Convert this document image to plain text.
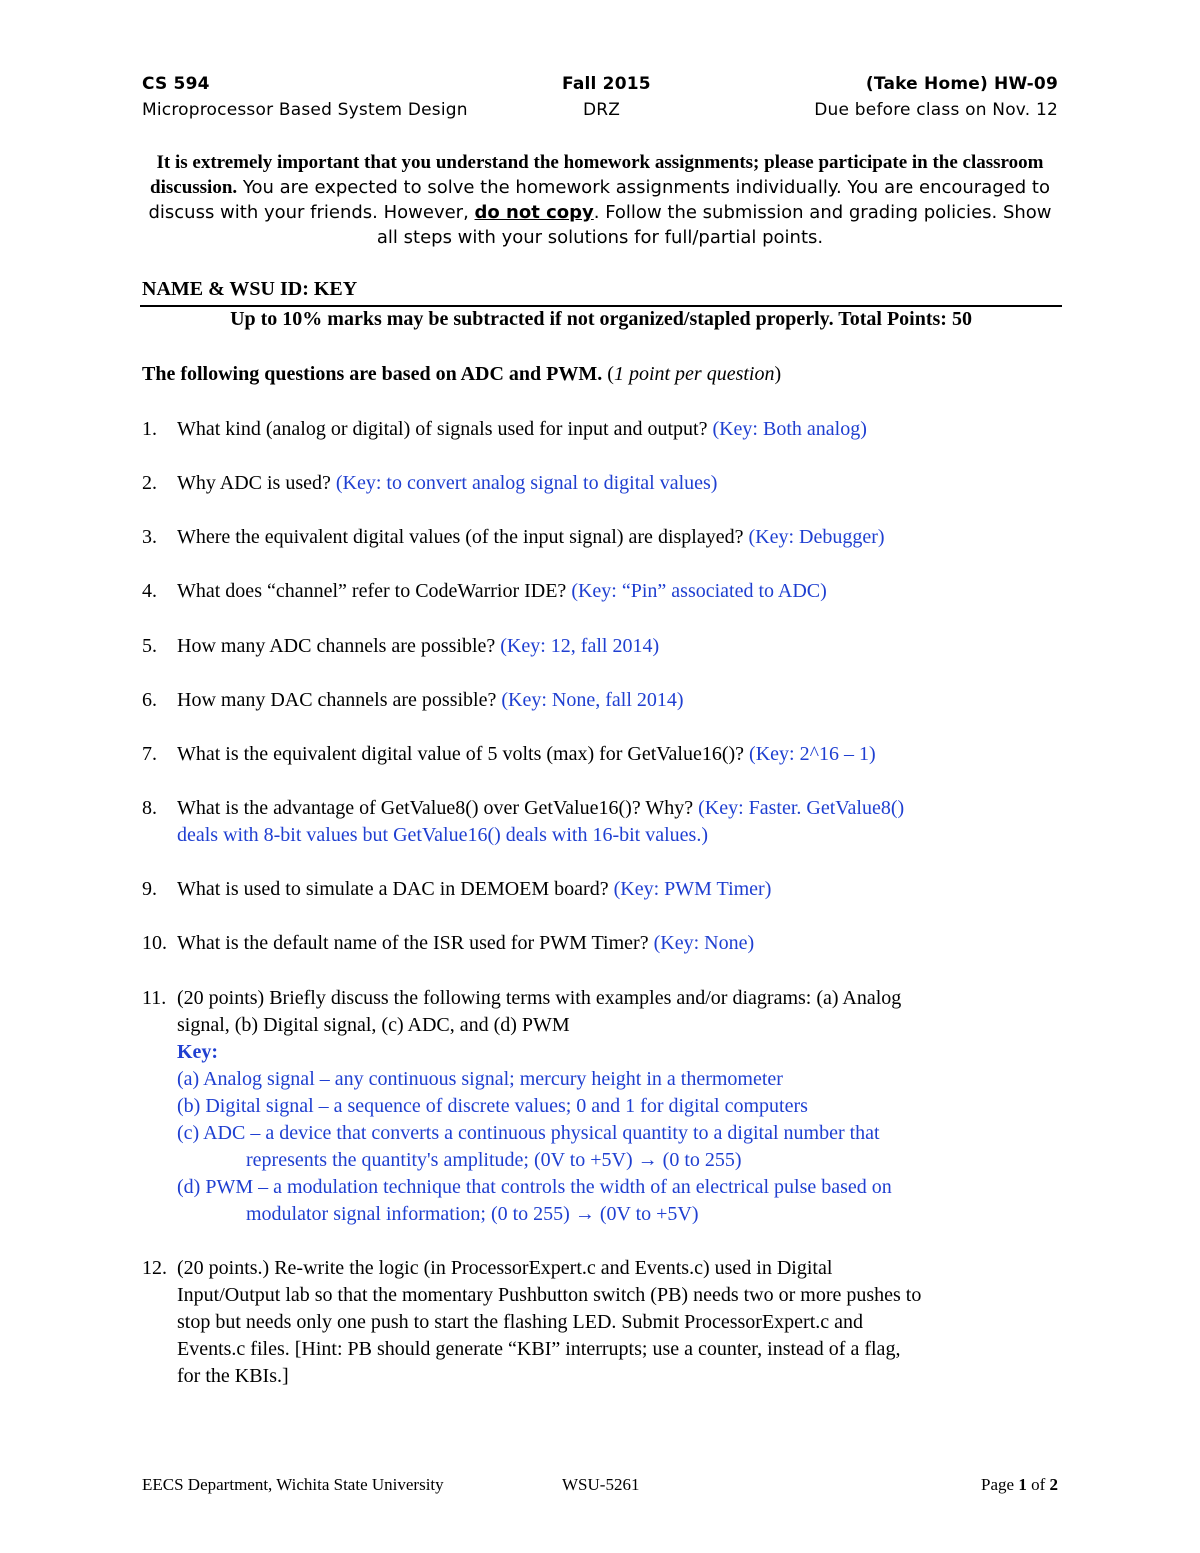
CS 594	Fall 2015	(Take Home) HW-09
Microprocessor Based System Design	DRZ	Due before class on Nov. 12
It is extremely important that you understand the homework assignments; please participate in the classroom discussion. You are expected to solve the homework assignments individually. You are encouraged to discuss with your friends. However, do not copy. Follow the submission and grading policies. Show all steps with your solutions for full/partial points.
NAME & WSU ID: KEY
Up to 10% marks may be subtracted if not organized/stapled properly. Total Points: 50
The following questions are based on ADC and PWM. (1 point per question)
1. What kind (analog or digital) of signals used for input and output? (Key: Both analog)
2. Why ADC is used? (Key: to convert analog signal to digital values)
3. Where the equivalent digital values (of the input signal) are displayed? (Key: Debugger)
4. What does “channel” refer to CodeWarrior IDE? (Key: “Pin” associated to ADC)
5. How many ADC channels are possible? (Key: 12, fall 2014)
6. How many DAC channels are possible? (Key: None, fall 2014)
7. What is the equivalent digital value of 5 volts (max) for GetValue16()? (Key: 2^16 – 1)
8. What is the advantage of GetValue8() over GetValue16()? Why? (Key: Faster. GetValue8()
deals with 8-bit values but GetValue16() deals with 16-bit values.)
9. What is used to simulate a DAC in DEMOEM board? (Key: PWM Timer)
10. What is the default name of the ISR used for PWM Timer? (Key: None)
11. (20 points) Briefly discuss the following terms with examples and/or diagrams: (a) Analog
signal, (b) Digital signal, (c) ADC, and (d) PWM
Key:
(a) Analog signal – any continuous signal; mercury height in a thermometer
(b) Digital signal – a sequence of discrete values; 0 and 1 for digital computers
(c) ADC – a device that converts a continuous physical quantity to a digital number that
represents the quantity's amplitude; (0V to +5V) → (0 to 255)
(d) PWM – a modulation technique that controls the width of an electrical pulse based on
modulator signal information; (0 to 255) → (0V to +5V)
12. (20 points.) Re-write the logic (in ProcessorExpert.c and Events.c) used in Digital
Input/Output lab so that the momentary Pushbutton switch (PB) needs two or more pushes to
stop but needs only one push to start the flashing LED. Submit ProcessorExpert.c and
Events.c files. [Hint: PB should generate “KBI” interrupts; use a counter, instead of a flag,
for the KBIs.]
EECS Department, Wichita State University	WSU-5261	Page 1 of 2
